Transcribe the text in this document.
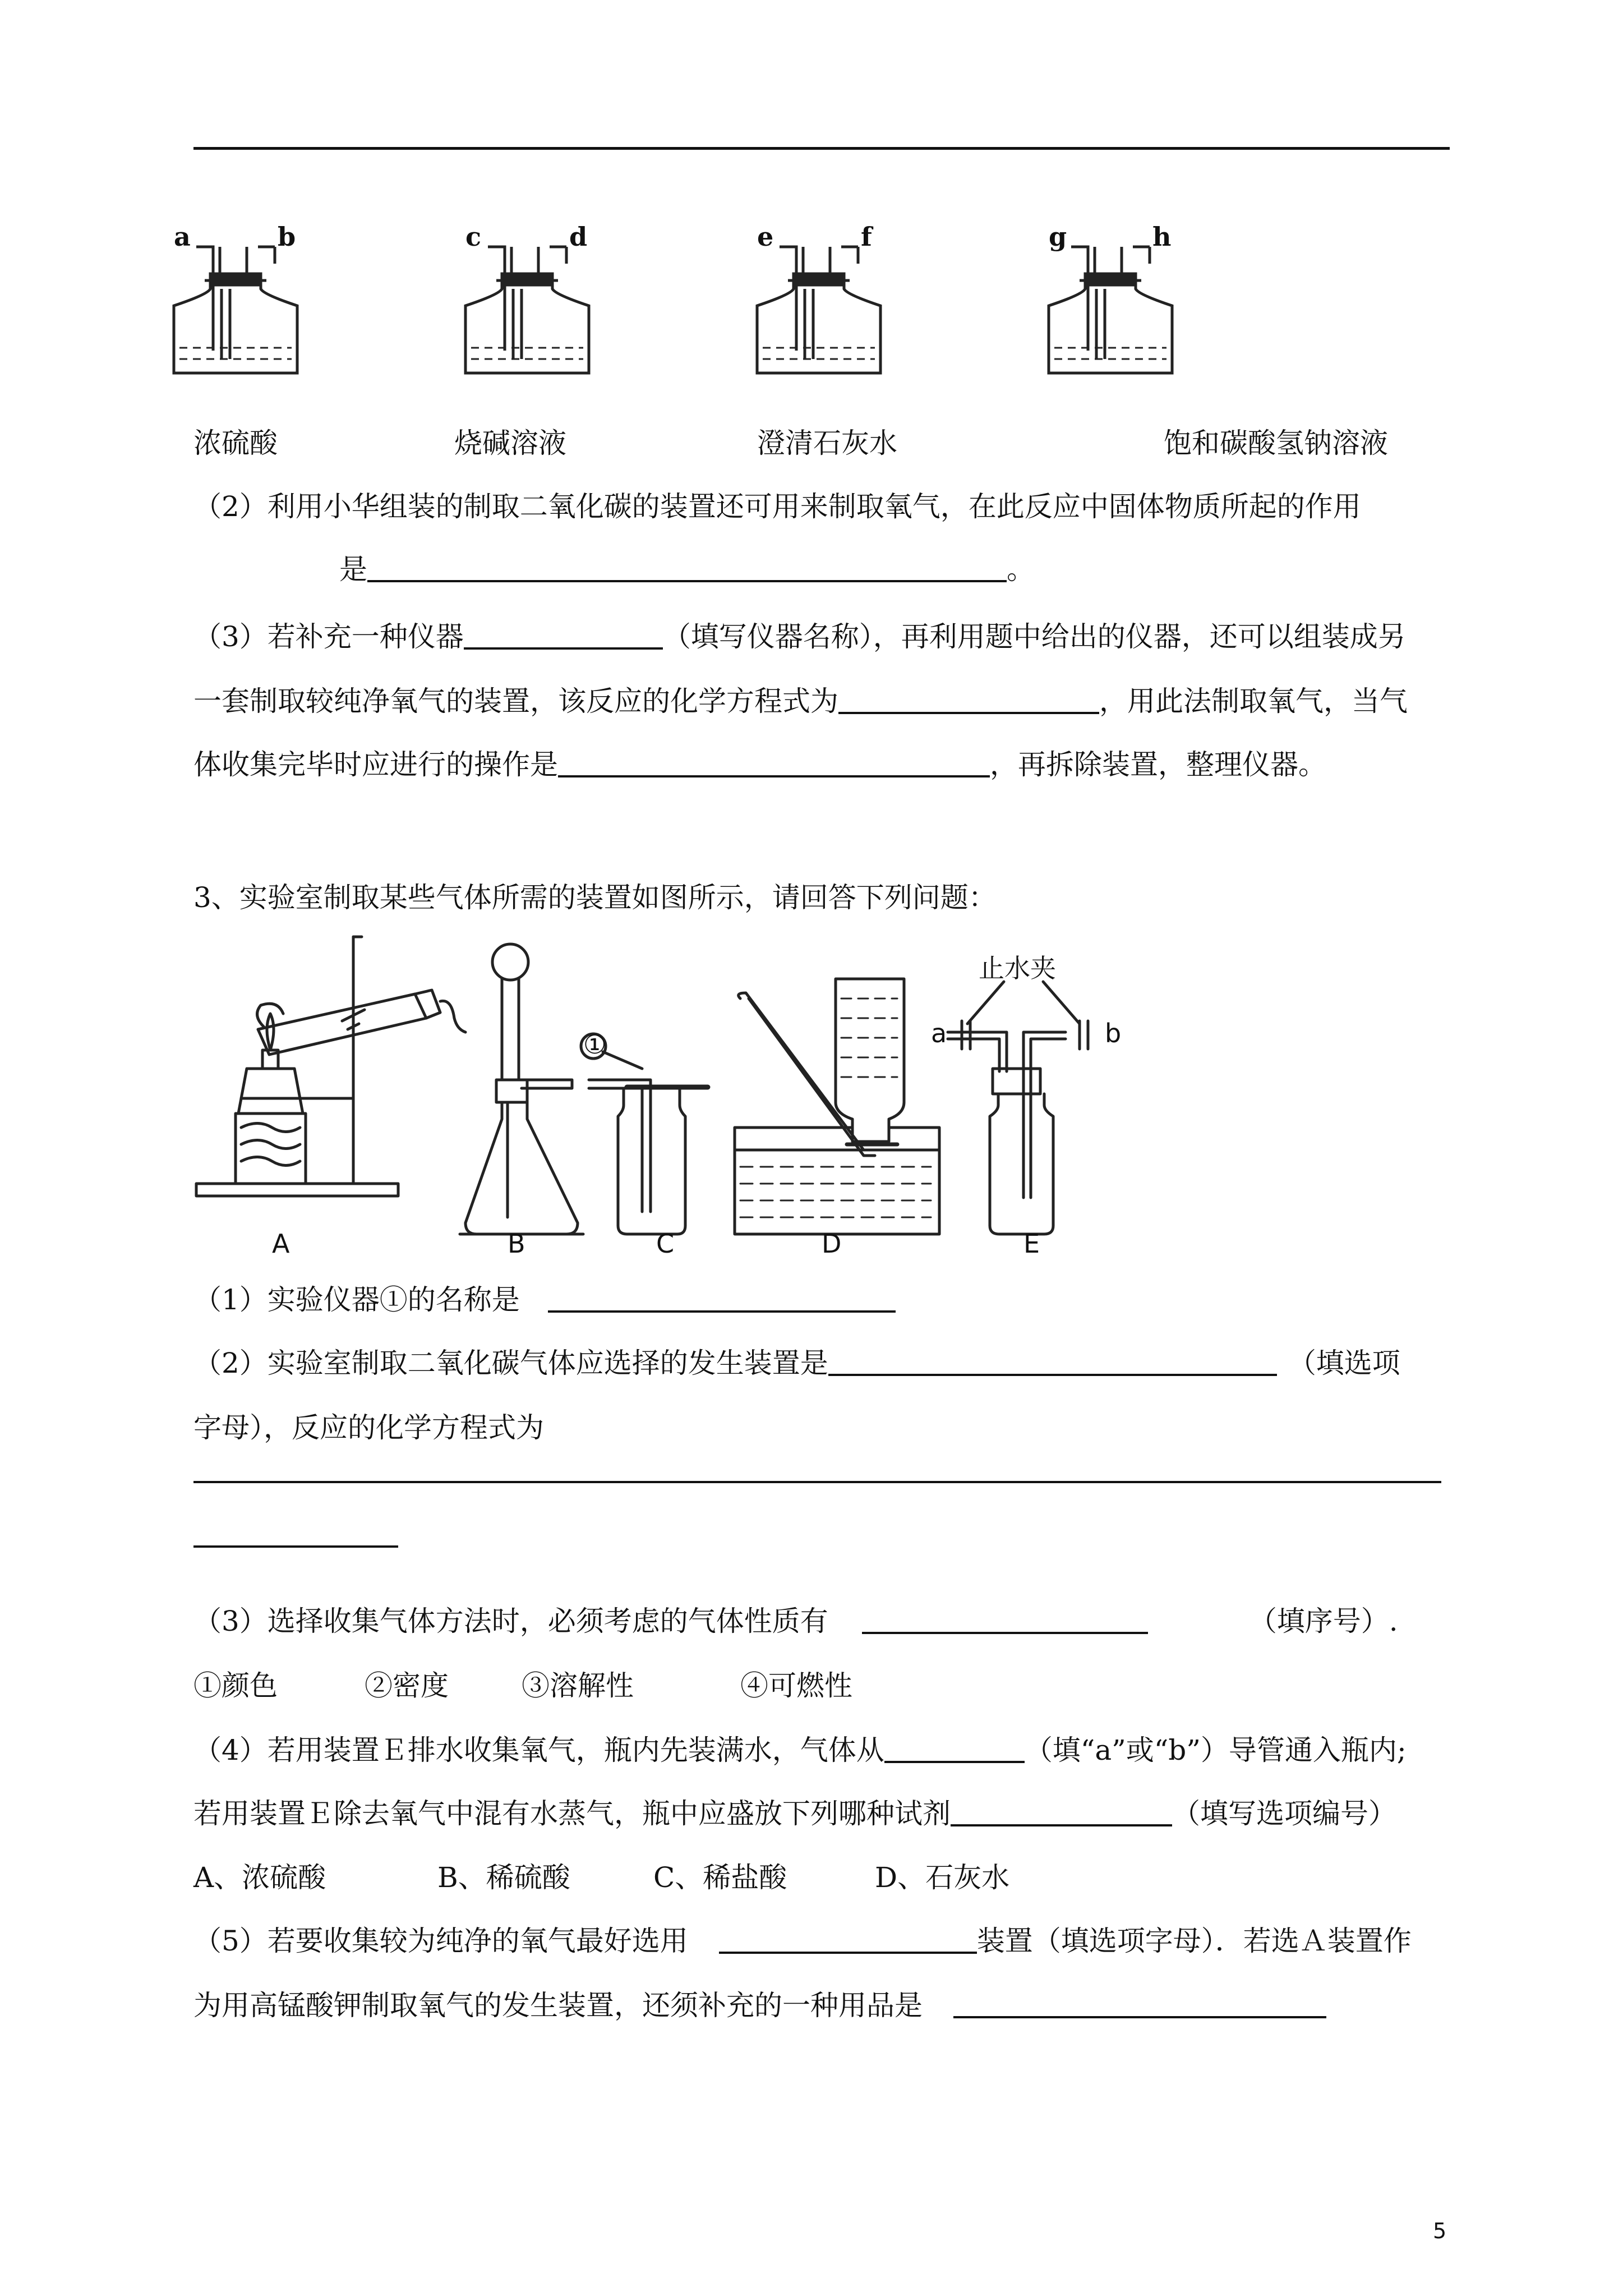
浓硫酸	烧碱溶液	澄清石灰水	饱和碳酸氢钠溶液
（2）利用小华组装的制取二氧化碳的装置还可用来制取氧气，在此反应中固体物质所起的作用
是	。
（3）若补充一种仪器	（填写仪器名称），再利用题中给出的仪器，还可以组装成另
一套制取较纯净氧气的装置，该反应的化学方程式为	，用此法制取氧气，当气
体收集完毕时应进行的操作是	，再拆除装置，整理仪器。
3、实验室制取某些气体所需的装置如图所示，请回答下列问题：
止水夹
a	b
①
A	B	C	D	E
（1）实验仪器①的名称是
（2）实验室制取二氧化碳气体应选择的发生装置是	（填选项
字母），反应的化学方程式为
（3）选择收集气体方法时，必须考虑的气体性质有	（填序号）.
①颜色	②密度	③溶解性	④可燃性
（4）若用装置Ｅ排水收集氧气，瓶内先装满水，气体从	（填“a”或“b”）导管通入瓶内;
若用装置Ｅ除去氧气中混有水蒸气，瓶中应盛放下列哪种试剂	（填写选项编号）
A、浓硫酸	B、稀硫酸	C、稀盐酸	D、石灰水
（5）若要收集较为纯净的氧气最好选用	装置（填选项字母）．若选Ａ装置作
为用高锰酸钾制取氧气的发生装置，还须补充的一种用品是
5
a	b	c	d	e	f	g	h
